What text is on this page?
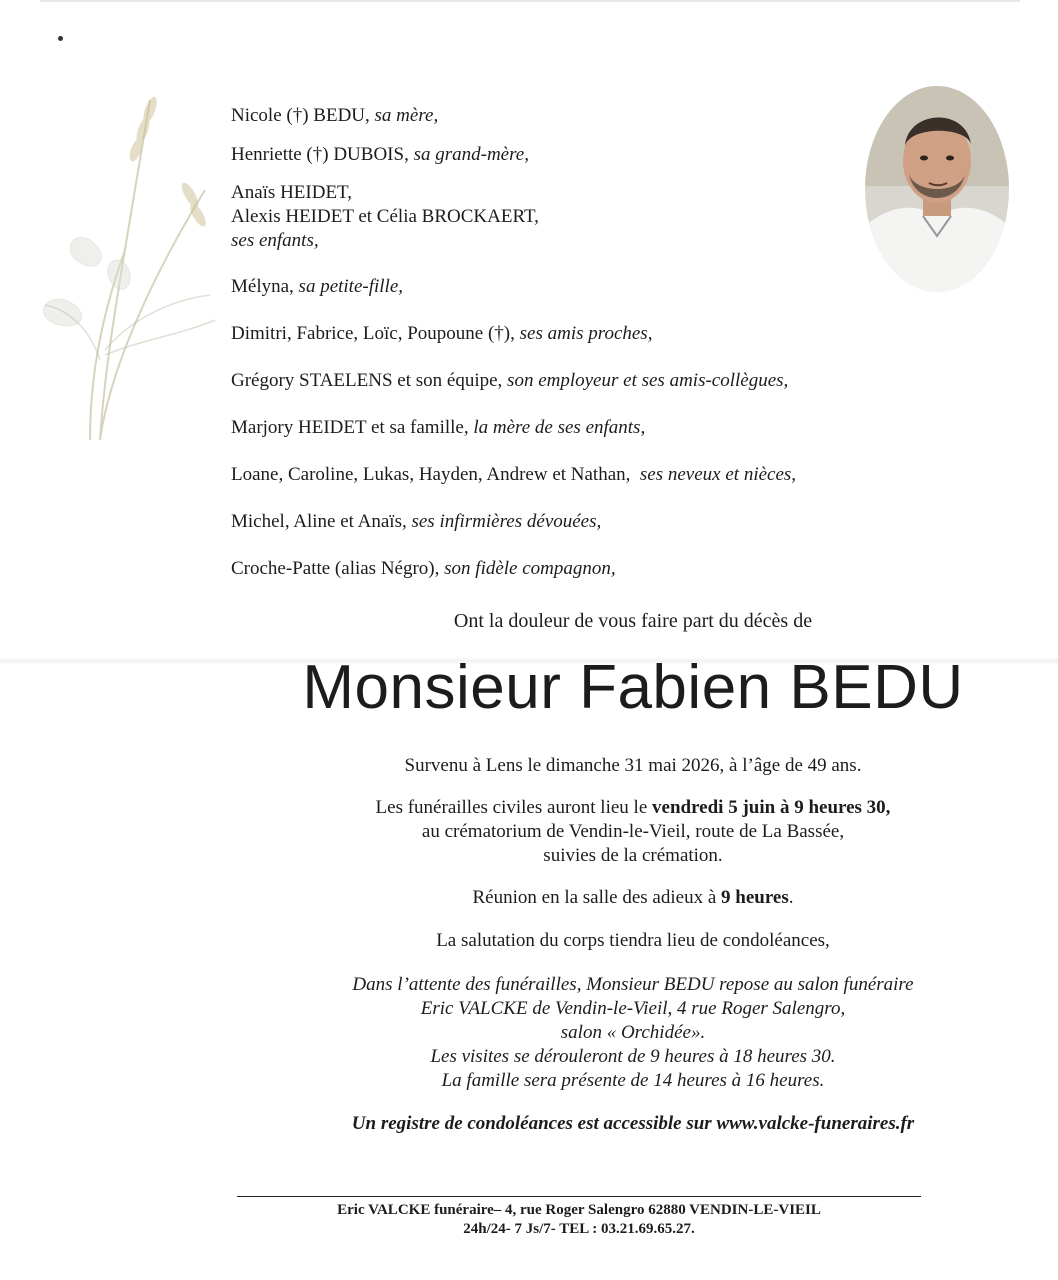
Nicole (†) BEDU, sa mère,
Henriette (†) DUBOIS, sa grand-mère,
Anaïs HEIDET,
Alexis HEIDET et Célia BROCKAERT,
ses enfants,
Mélyna, sa petite-fille,
Dimitri, Fabrice, Loïc, Poupoune (†), ses amis proches,
Grégory STAELENS et son équipe, son employeur et ses amis-collègues,
Marjory HEIDET et sa famille, la mère de ses enfants,
Loane, Caroline, Lukas, Hayden, Andrew et Nathan, ses neveux et nièces,
Michel, Aline et Anaïs, ses infirmières dévouées,
Croche-Patte (alias Négro), son fidèle compagnon,
Ont la douleur de vous faire part du décès de
Monsieur Fabien BEDU
Survenu à Lens le dimanche 31 mai 2026, à l’âge de 49 ans.
Les funérailles civiles auront lieu le vendredi 5 juin à 9 heures 30,
au crématorium de Vendin-le-Vieil, route de La Bassée,
suivies de la crémation.
Réunion en la salle des adieux à 9 heures.
La salutation du corps tiendra lieu de condoléances,
Dans l’attente des funérailles, Monsieur BEDU repose au salon funéraire
Eric VALCKE de Vendin-le-Vieil, 4 rue Roger Salengro,
salon « Orchidée».
Les visites se dérouleront de 9 heures à 18 heures 30.
La famille sera présente de 14 heures à 16 heures.
Un registre de condoléances est accessible sur www.valcke-funeraires.fr
Eric VALCKE funéraire– 4, rue Roger Salengro 62880 VENDIN-LE-VIEIL
24h/24- 7 Js/7- TEL : 03.21.69.65.27.
